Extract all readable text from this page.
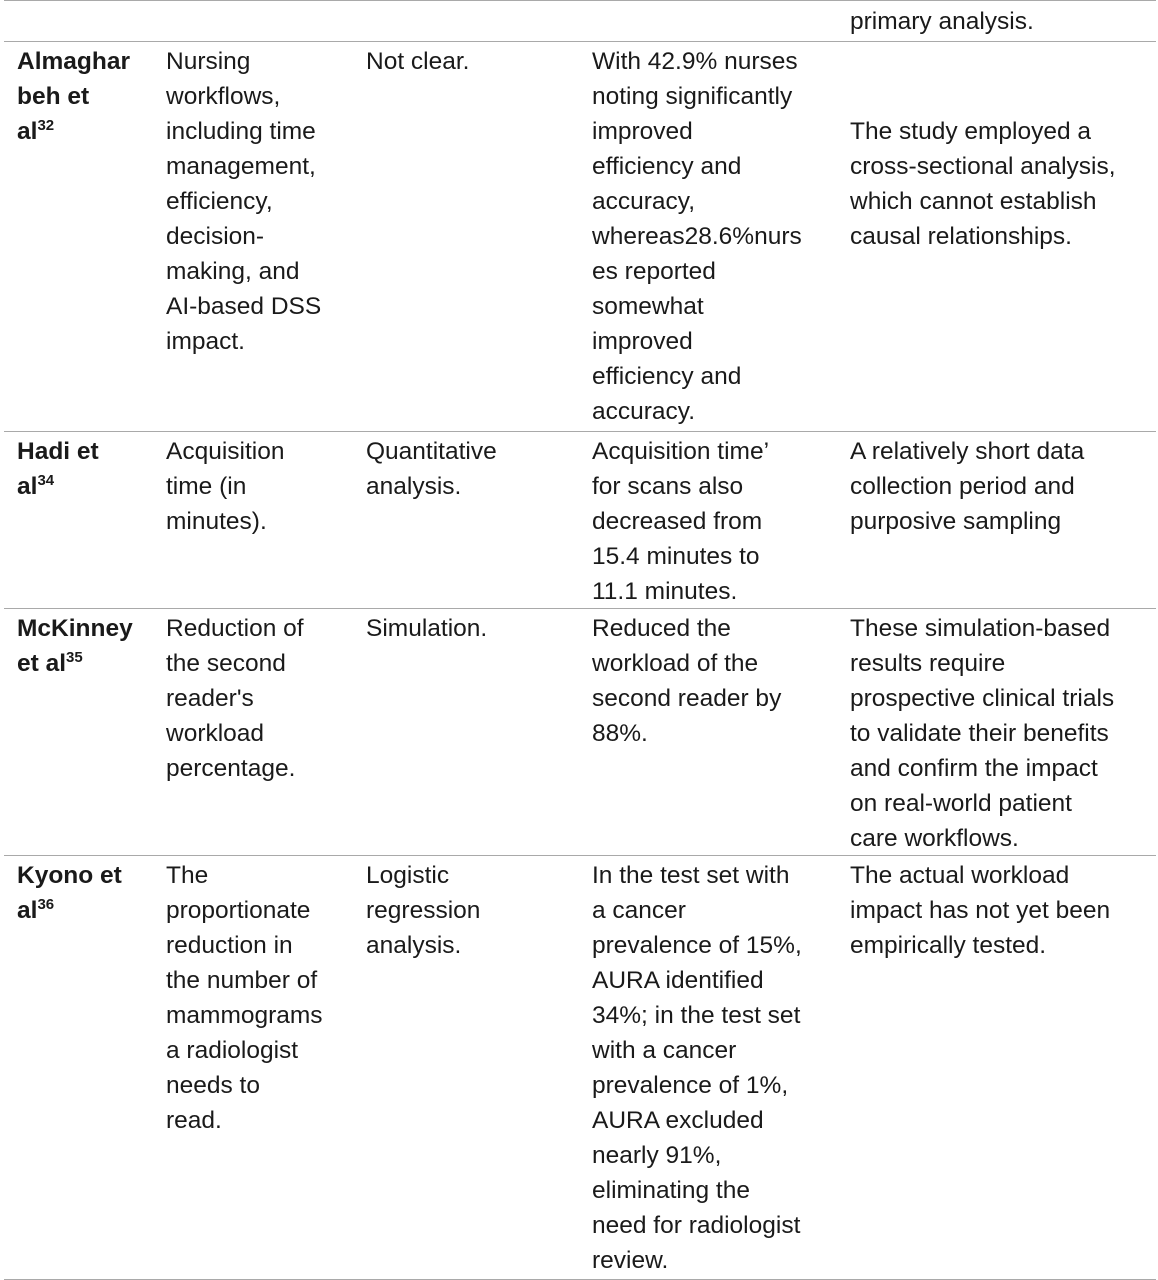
primary analysis.
Almaghar
beh et
$al^{32}$
Nursing
workflows,
including time
management,
efficiency,
decision-
making, and
AI-based DSS
impact.
Not clear.	With 42.9% nurses
noting significantly
improved
efficiency and
accuracy,
whereas28.6%nurs
es reported
somewhat
improved
efficiency and
accuracy.
The study employed a
cross-sectional analysis,
which cannot establish
causal relationships.
Hadi et
$al^{34}$
Acquisition
time (in
minutes).
Quantitative
analysis.
Acquisition time’
for scans also
decreased from
15.4 minutes to
11.1 minutes.
A relatively short data
collection period and
purposive sampling
McKinney
et $al^{35}$
Reduction of
the second
reader's
workload
percentage.
Simulation.	Reduced the
workload of the
second reader by
88%.
These simulation-based
results require
prospective clinical trials
to validate their benefits
and confirm the impact
on real-world patient
care workflows.
Kyono et
$al^{36}$
The
proportionate
reduction in
the number of
mammograms
a radiologist
needs to
read.
Logistic
regression
analysis.
In the test set with
a cancer
prevalence of 15%,
AURA identified
34%; in the test set
with a cancer
prevalence of 1%,
AURA excluded
nearly 91%,
eliminating the
need for radiologist
review.
The actual workload
impact has not yet been
empirically tested.
